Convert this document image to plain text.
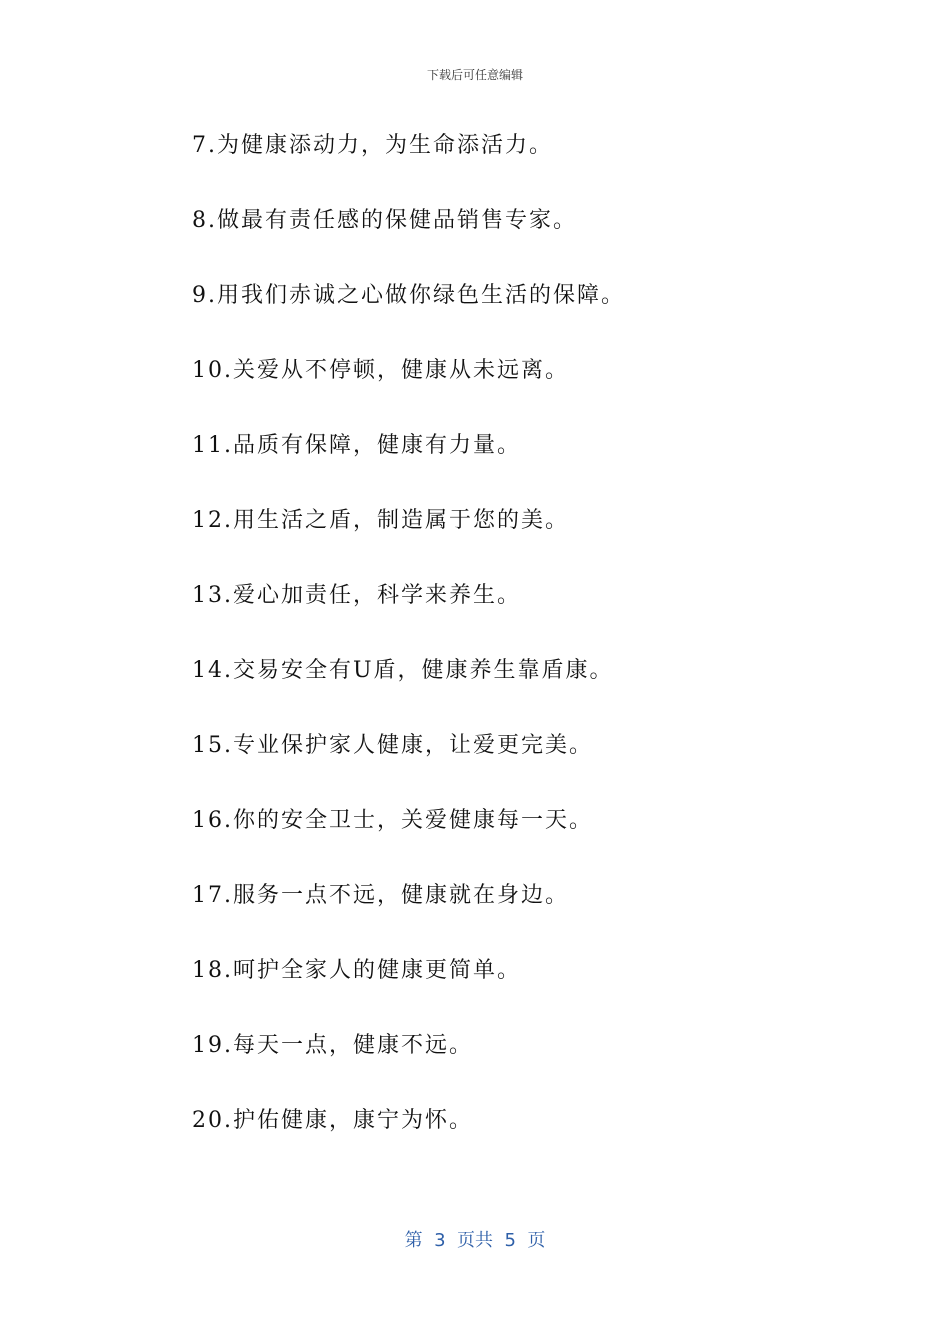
下载后可任意编辑
7.为健康添动力，为生命添活力。
8.做最有责任感的保健品销售专家。
9.用我们赤诚之心做你绿色生活的保障。
10.关爱从不停顿，健康从未远离。
11.品质有保障，健康有力量。
12.用生活之盾，制造属于您的美。
13.爱心加责任，科学来养生。
14.交易安全有U盾，健康养生靠盾康。
15.专业保护家人健康，让爱更完美。
16.你的安全卫士，关爱健康每一天。
17.服务一点不远，健康就在身边。
18.呵护全家人的健康更简单。
19.每天一点，健康不远。
20.护佑健康，康宁为怀。
第  3  页共  5  页
